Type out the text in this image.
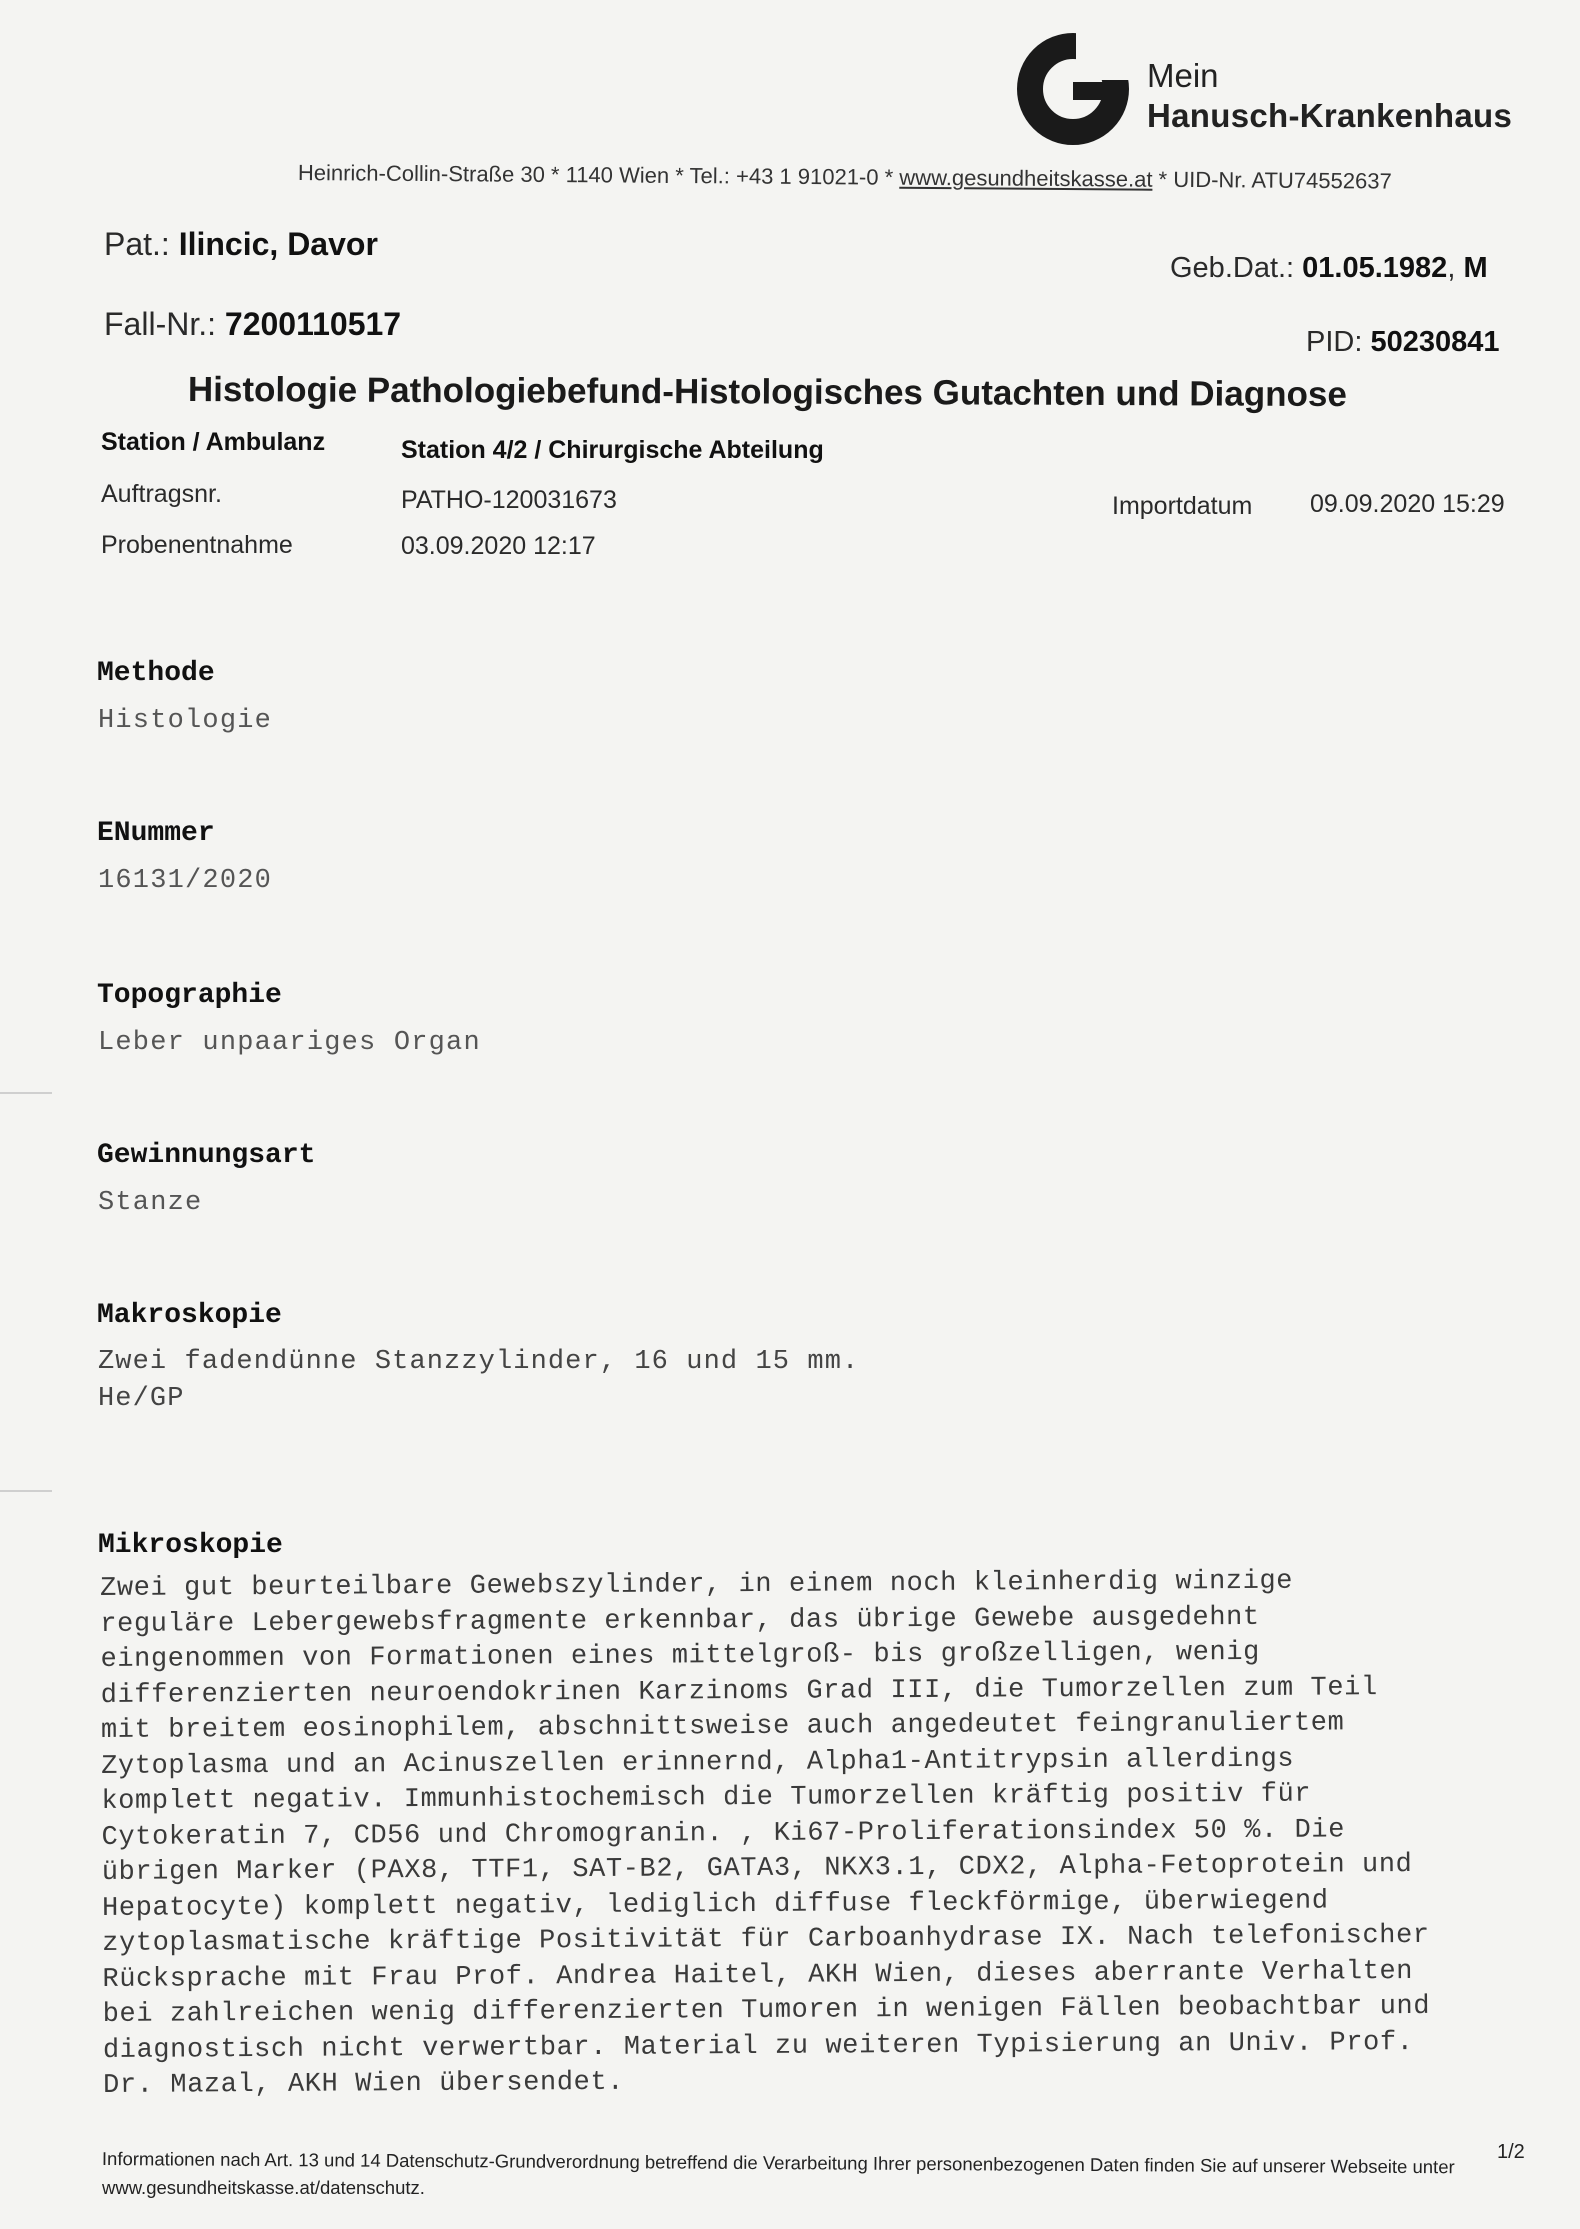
Mein
Hanusch-Krankenhaus
Heinrich-Collin-Straße 30 * 1140 Wien * Tel.: +43 1 91021-0 * www.gesundheitskasse.at * UID-Nr. ATU74552637
Pat.: Ilincic, Davor
Fall-Nr.: 7200110517
Geb.Dat.: 01.05.1982, M
PID: 50230841
Histologie Pathologiebefund-Histologisches Gutachten und Diagnose
Station / Ambulanz	Station 4/2 / Chirurgische Abteilung
Auftragsnr.	PATHO-120031673	Importdatum 09.09.2020 15:29
Probenentnahme	03.09.2020 12:17
Methode
Histologie
ENummer
16131/2020
Topographie
Leber unpaariges Organ
Gewinnungsart
Stanze
Makroskopie
Zwei fadendünne Stanzzylinder, 16 und 15 mm.
He/GP
Mikroskopie
Zwei gut beurteilbare Gewebszylinder, in einem noch kleinherdig winzige
reguläre Lebergewebsfragmente erkennbar, das übrige Gewebe ausgedehnt
eingenommen von Formationen eines mittelgroß- bis großzelligen, wenig
differenzierten neuroendokrinen Karzinoms Grad III, die Tumorzellen zum Teil
mit breitem eosinophilem, abschnittsweise auch angedeutet feingranuliertem
Zytoplasma und an Acinuszellen erinnernd, Alpha1-Antitrypsin allerdings
komplett negativ. Immunhistochemisch die Tumorzellen kräftig positiv für
Cytokeratin 7, CD56 und Chromogranin. , Ki67-Proliferationsindex 50 %. Die
übrigen Marker (PAX8, TTF1, SAT-B2, GATA3, NKX3.1, CDX2, Alpha-Fetoprotein und
Hepatocyte) komplett negativ, lediglich diffuse fleckförmige, überwiegend
zytoplasmatische kräftige Positivität für Carboanhydrase IX. Nach telefonischer
Rücksprache mit Frau Prof. Andrea Haitel, AKH Wien, dieses aberrante Verhalten
bei zahlreichen wenig differenzierten Tumoren in wenigen Fällen beobachtbar und
diagnostisch nicht verwertbar. Material zu weiteren Typisierung an Univ. Prof.
Dr. Mazal, AKH Wien übersendet.
Informationen nach Art. 13 und 14 Datenschutz-Grundverordnung betreffend die Verarbeitung Ihrer personenbezogenen Daten finden Sie auf unserer Webseite unter
www.gesundheitskasse.at/datenschutz.
1/2
